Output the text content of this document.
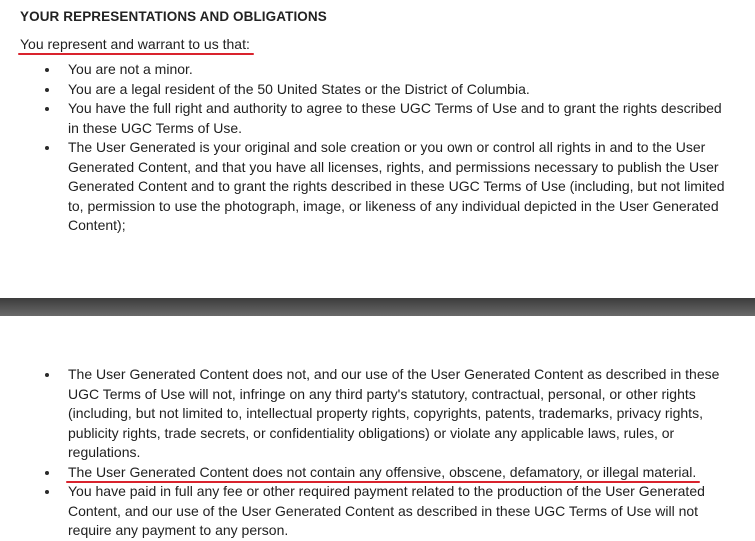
YOUR REPRESENTATIONS AND OBLIGATIONS
You represent and warrant to us that:
You are not a minor.
You are a legal resident of the 50 United States or the District of Columbia.
You have the full right and authority to agree to these UGC Terms of Use and to grant the rights described in these UGC Terms of Use.
The User Generated is your original and sole creation or you own or control all rights in and to the User Generated Content, and that you have all licenses, rights, and permissions necessary to publish the User Generated Content and to grant the rights described in these UGC Terms of Use (including, but not limited to, permission to use the photograph, image, or likeness of any individual depicted in the User Generated Content);
The User Generated Content does not, and our use of the User Generated Content as described in these UGC Terms of Use will not, infringe on any third party's statutory, contractual, personal, or other rights (including, but not limited to, intellectual property rights, copyrights, patents, trademarks, privacy rights, publicity rights, trade secrets, or confidentiality obligations) or violate any applicable laws, rules, or regulations.
The User Generated Content does not contain any offensive, obscene, defamatory, or illegal material.
You have paid in full any fee or other required payment related to the production of the User Generated Content, and our use of the User Generated Content as described in these UGC Terms of Use will not require any payment to any person.
